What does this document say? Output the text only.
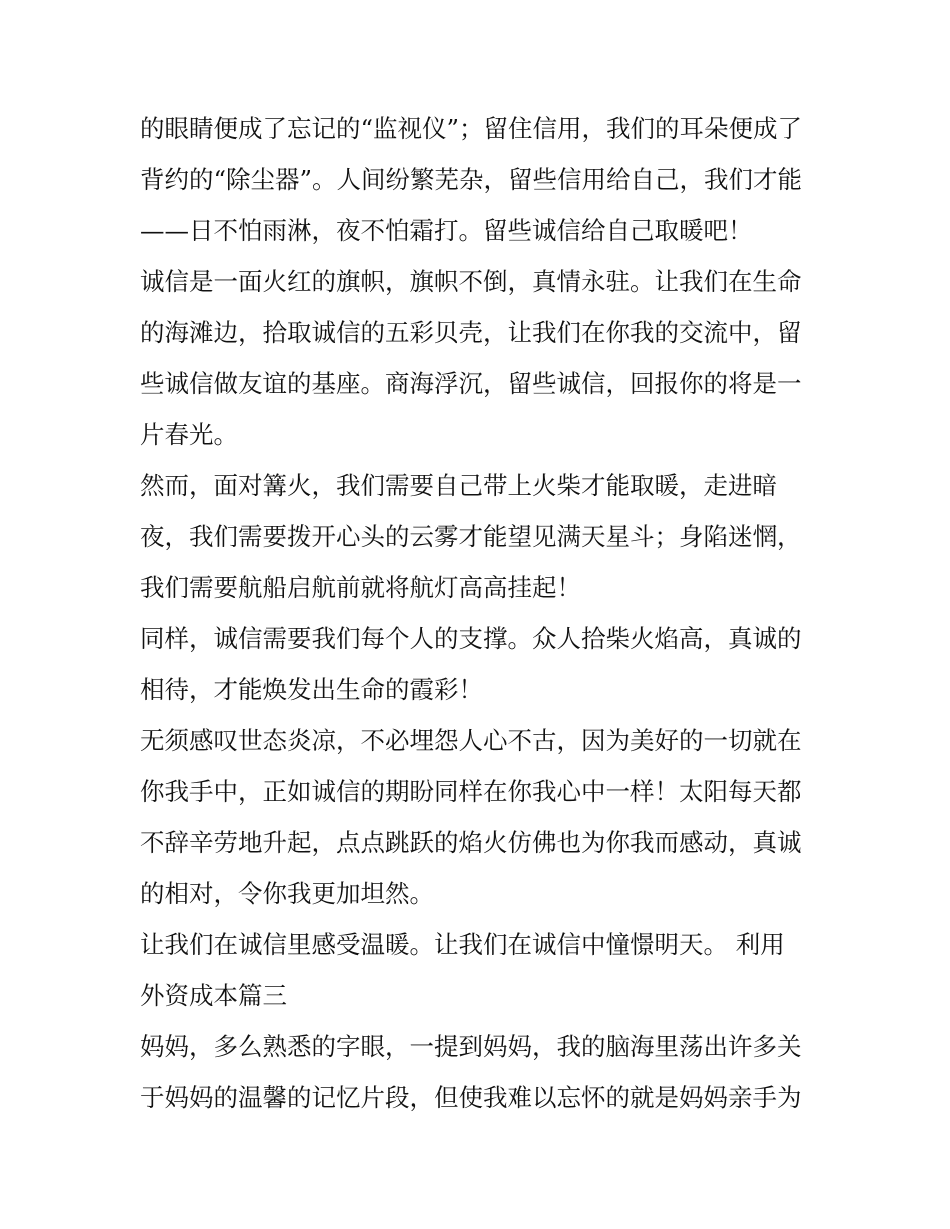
的眼睛便成了忘记的“监视仪”；留住信用，我们的耳朵便成了
背约的“除尘器”。人间纷繁芜杂，留些信用给自己，我们才能
——日不怕雨淋，夜不怕霜打。留些诚信给自己取暖吧！
诚信是一面火红的旗帜，旗帜不倒，真情永驻。让我们在生命
的海滩边，拾取诚信的五彩贝壳，让我们在你我的交流中，留
些诚信做友谊的基座。商海浮沉，留些诚信，回报你的将是一
片春光。
然而，面对篝火，我们需要自己带上火柴才能取暖，走进暗
夜，我们需要拨开心头的云雾才能望见满天星斗；身陷迷惘，
我们需要航船启航前就将航灯高高挂起！
同样，诚信需要我们每个人的支撑。众人拾柴火焰高，真诚的
相待，才能焕发出生命的霞彩！
无须感叹世态炎凉，不必埋怨人心不古，因为美好的一切就在
你我手中，正如诚信的期盼同样在你我心中一样！太阳每天都
不辞辛劳地升起，点点跳跃的焰火仿佛也为你我而感动，真诚
的相对，令你我更加坦然。
让我们在诚信里感受温暖。让我们在诚信中憧憬明天。 利用
外资成本篇三
妈妈，多么熟悉的字眼，一提到妈妈，我的脑海里荡出许多关
于妈妈的温馨的记忆片段，但使我难以忘怀的就是妈妈亲手为
